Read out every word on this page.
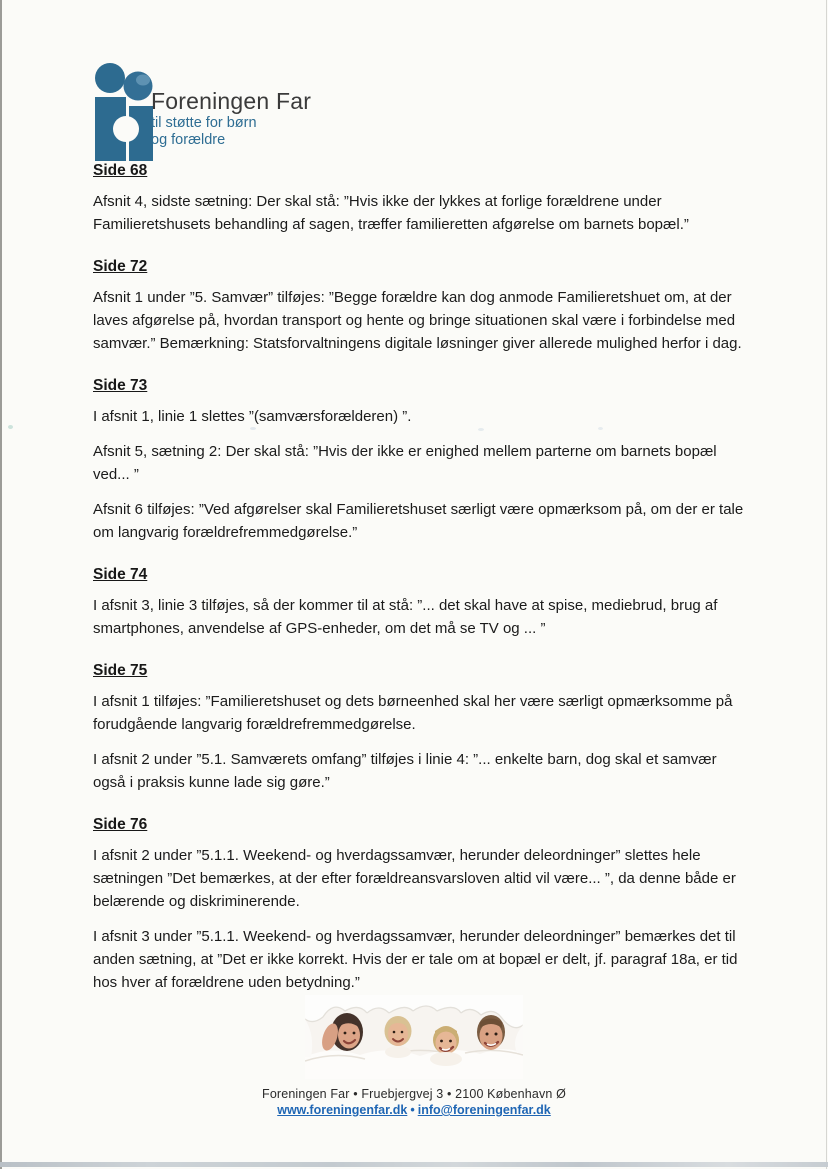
Foreningen Far
til støtte for børn
og forældre
Side 68

Afsnit 4, sidste sætning: Der skal stå: ”Hvis ikke der lykkes at forlige forældrene under Familieretshusets behandling af sagen, træffer familieretten afgørelse om barnets bopæl.”

Side 72

Afsnit 1 under ”5. Samvær” tilføjes: ”Begge forældre kan dog anmode Familieretshuet om, at der laves afgørelse på, hvordan transport og hente og bringe situationen skal være i forbindelse med samvær.” Bemærkning: Statsforvaltningens digitale løsninger giver allerede mulighed herfor i dag.

Side 73

I afsnit 1, linie 1 slettes ”(samværsforælderen) ”.

Afsnit 5, sætning 2: Der skal stå: ”Hvis der ikke er enighed mellem parterne om barnets bopæl ved... ”

Afsnit 6 tilføjes: ”Ved afgørelser skal Familieretshuset særligt være opmærksom på, om der er tale om langvarig forældrefremmedgørelse.”

Side 74

I afsnit 3, linie 3 tilføjes, så der kommer til at stå: ”... det skal have at spise, mediebrud, brug af smartphones, anvendelse af GPS-enheder, om det må se TV og ... ”

Side 75

I afsnit 1 tilføjes: ”Familieretshuset og dets børneenhed skal her være særligt opmærksomme på forudgående langvarig forældrefremmedgørelse.

I afsnit 2 under ”5.1. Samværets omfang” tilføjes i linie 4: ”... enkelte barn, dog skal et samvær også i praksis kunne lade sig gøre.”

Side 76

I afsnit 2 under ”5.1.1. Weekend- og hverdagssamvær, herunder deleordninger” slettes hele sætningen ”Det bemærkes, at der efter forældreansvarsloven altid vil være... ”, da denne både er belærende og diskriminerende.

I afsnit 3 under ”5.1.1. Weekend- og hverdagssamvær, herunder deleordninger” bemærkes det til anden sætning, at ”Det er ikke korrekt. Hvis der er tale om at bopæl er delt, jf. paragraf 18a, er tid hos hver af forældrene uden betydning.”

Foreningen Far • Fruebjergvej 3 • 2100 København Ø
www.foreningenfar.dk • info@foreningenfar.dk
